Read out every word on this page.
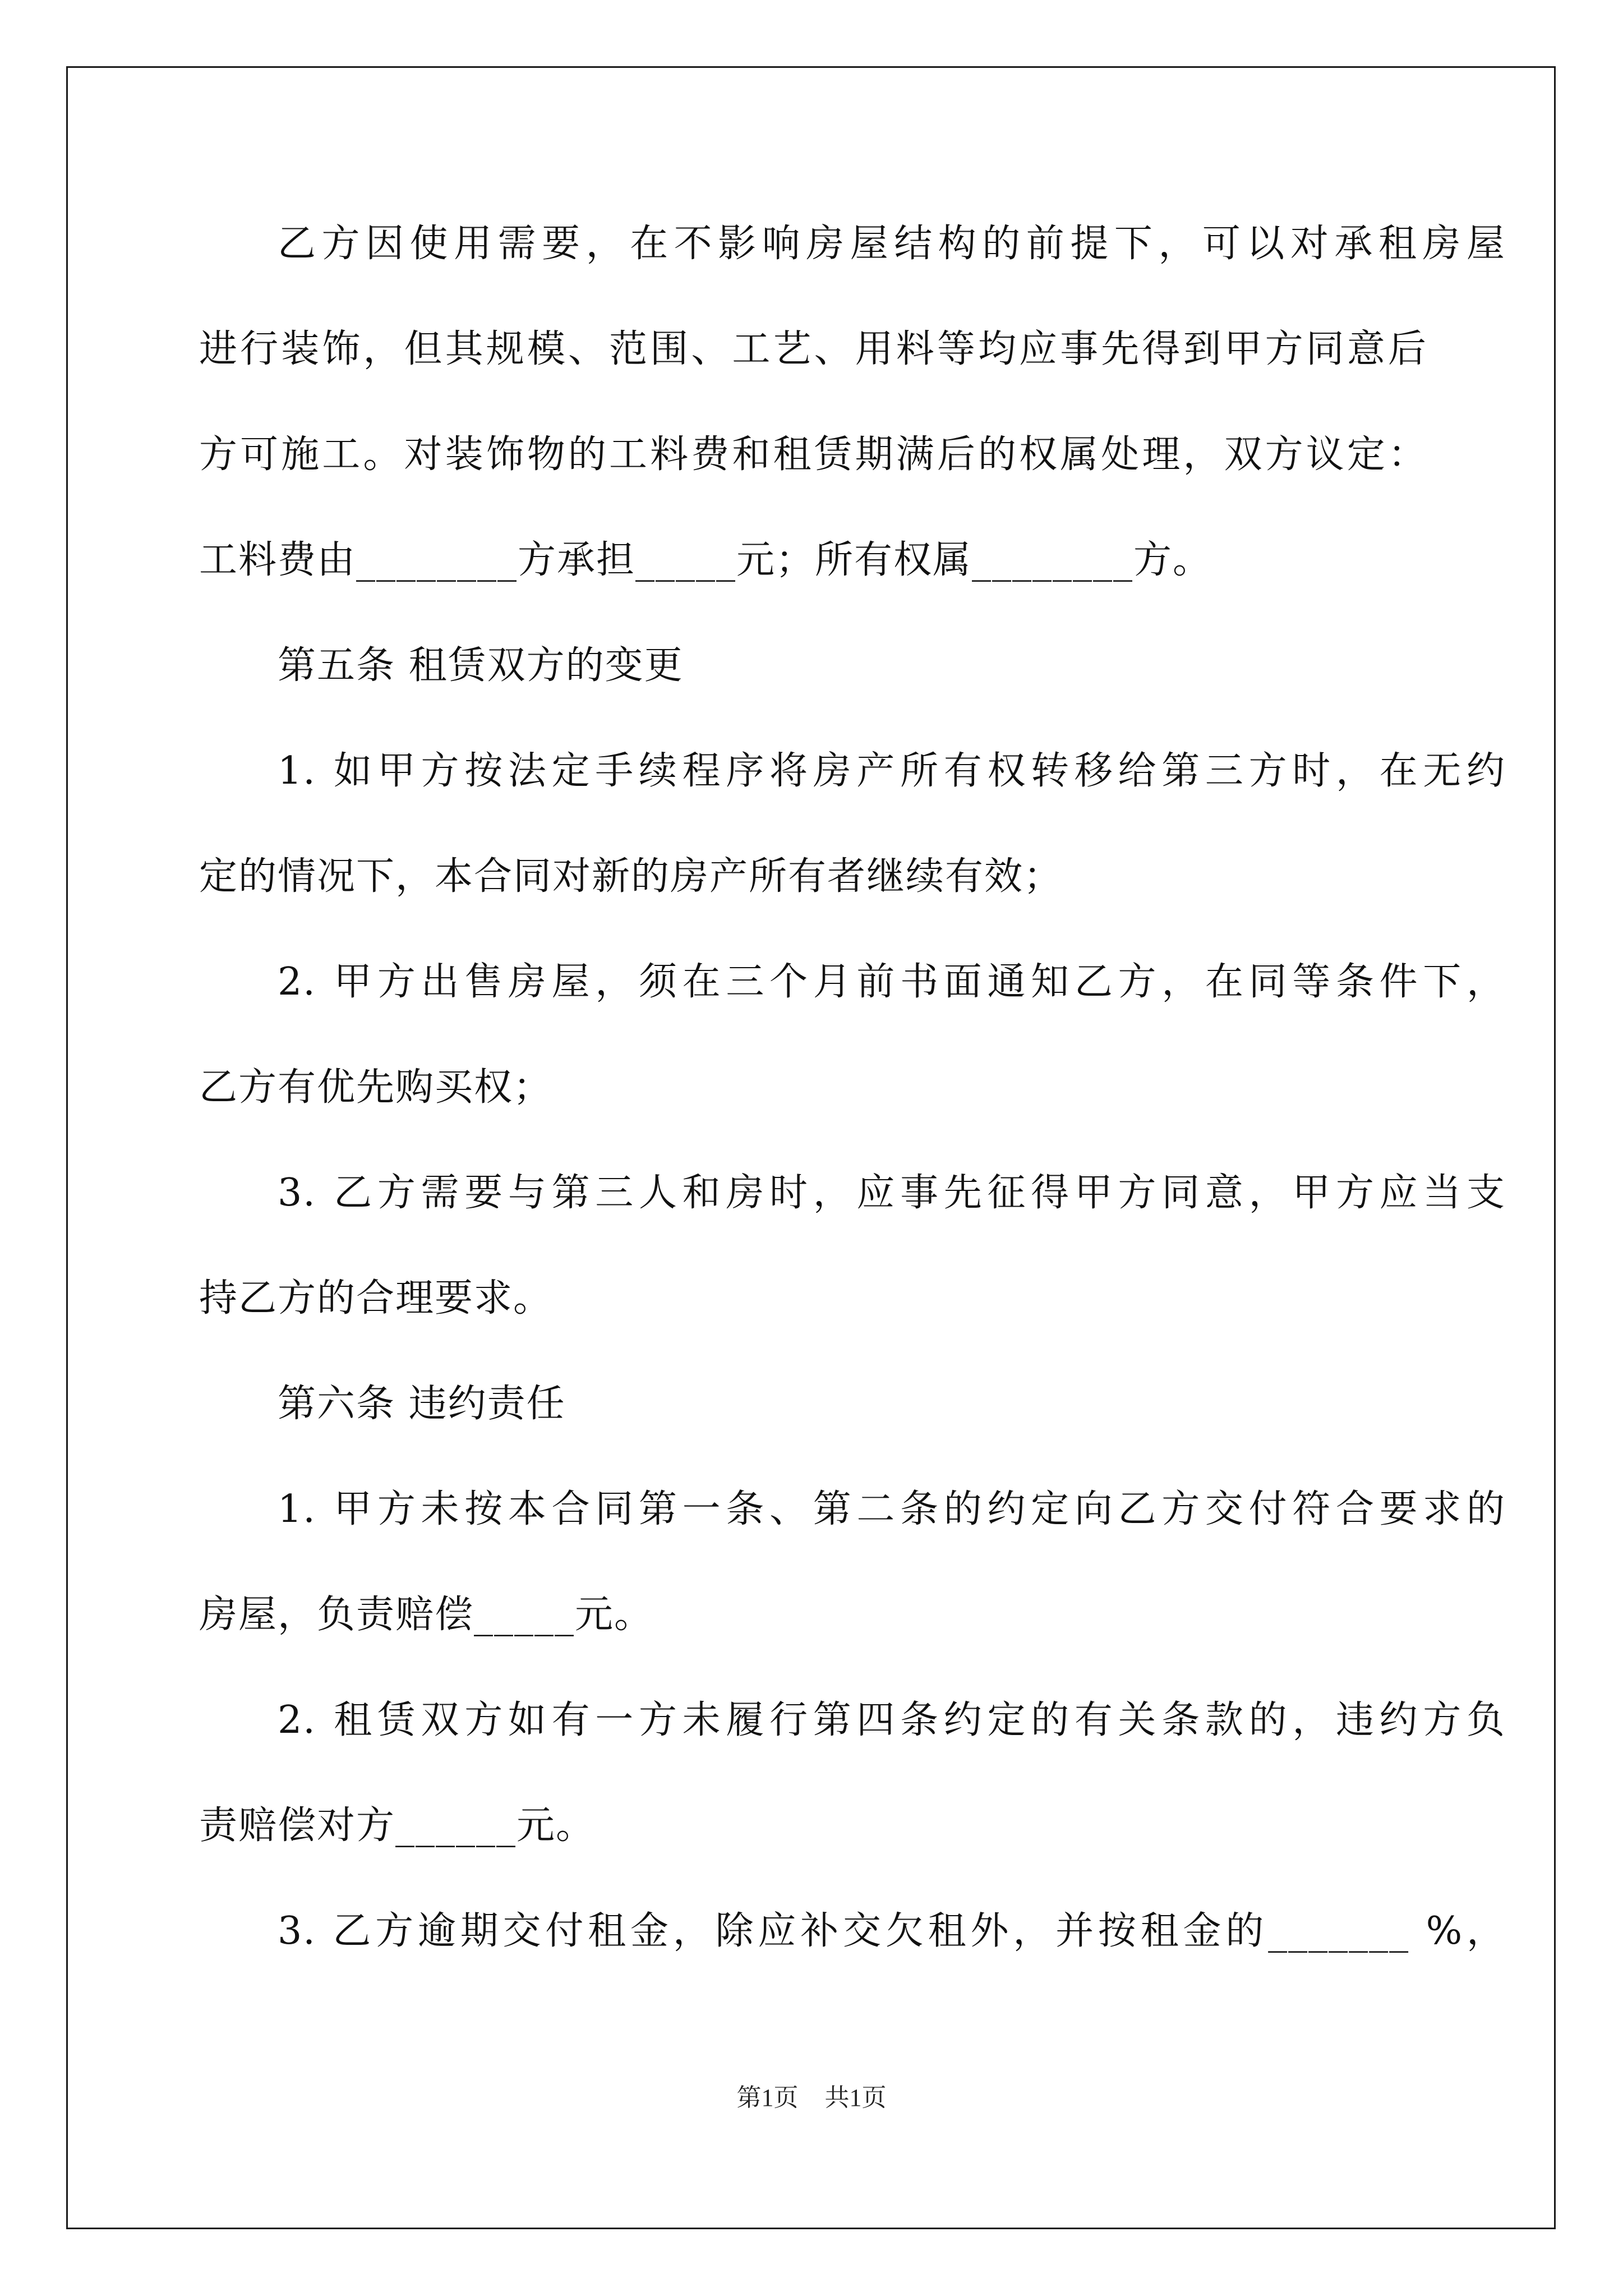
乙方因使用需要，在不影响房屋结构的前提下，可以对承租房屋
进行装饰，但其规模、范围、工艺、用料等均应事先得到甲方同意后
方可施工。对装饰物的工料费和租赁期满后的权属处理，双方议定：
工料费由________方承担_____元；所有权属________方。
第五条 租赁双方的变更
1. 如甲方按法定手续程序将房产所有权转移给第三方时，在无约
定的情况下，本合同对新的房产所有者继续有效；
2. 甲方出售房屋，须在三个月前书面通知乙方，在同等条件下，
乙方有优先购买权；
3. 乙方需要与第三人和房时，应事先征得甲方同意，甲方应当支
持乙方的合理要求。
第六条 违约责任
1. 甲方未按本合同第一条、第二条的约定向乙方交付符合要求的
房屋，负责赔偿_____元。
2. 租赁双方如有一方未履行第四条约定的有关条款的，违约方负
责赔偿对方______元。
3. 乙方逾期交付租金，除应补交欠租外，并按租金的_______ %，
第1页 共1页
